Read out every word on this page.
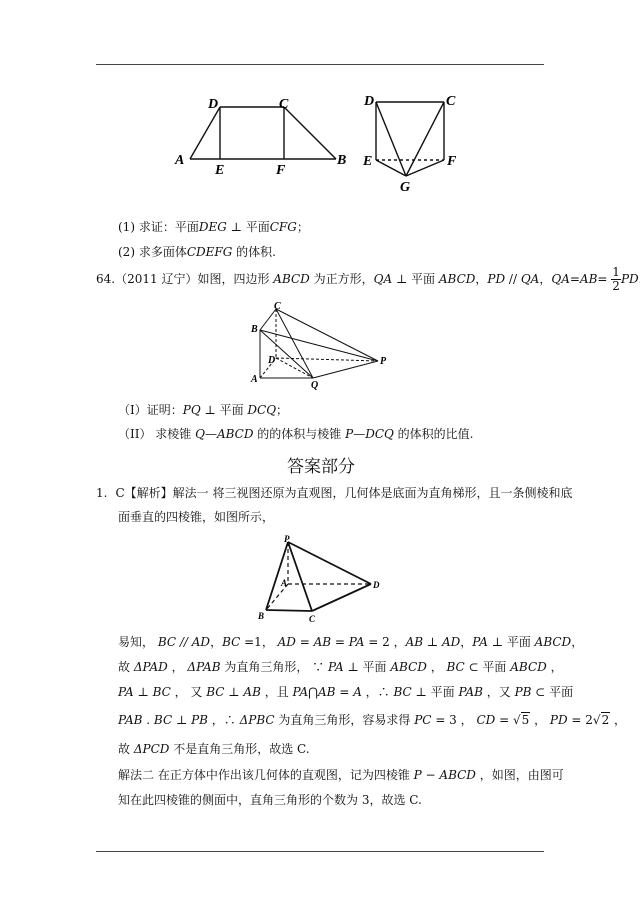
D	C
A
E	F
B
D	C
E	F
G
(1) 求证：平面DEG ⊥ 平面CFG；
(2) 求多面体CDEFG 的体积.
64.（2011 辽宁）如图，四边形 ABCD 为正方形，QA ⊥ 平面 ABCD，PD // QA，$QA=AB= \frac{1}{2}$ PD
C
B
D	P
A
Q
（I）证明：PQ ⊥ 平面 DCQ；
（II） 求棱锥 Q—ABCD 的的体积与棱锥 P—DCQ 的体积的比值.
答案部分
1. C【解析】解法一 将三视图还原为直观图，几何体是底面为直角梯形，且一条侧棱和底
面垂直的四棱锥，如图所示，
P
A	D
B	C
易知， BC // AD，BC =1， AD = AB = PA = 2 ，AB ⊥ AD，PA ⊥ 平面 ABCD，
故 ΔPAD ， ΔPAB 为直角三角形， ∵ PA ⊥ 平面 ABCD ， BC ⊂ 平面 ABCD ，
PA ⊥ BC ， 又 BC ⊥ AB ，且 PA⋂AB = A ，∴ BC ⊥ 平面 PAB ，又 PB ⊂ 平面
PAB . BC ⊥ PB ，∴ ΔPBC 为直角三角形，容易求得 PC = 3 ， CD = √5 ， PD = 2√2 ，
故 ΔPCD 不是直角三角形，故选 C.
解法二 在正方体中作出该几何体的直观图，记为四棱锥 P − ABCD ，如图，由图可
知在此四棱锥的侧面中，直角三角形的个数为 3，故选 C.
